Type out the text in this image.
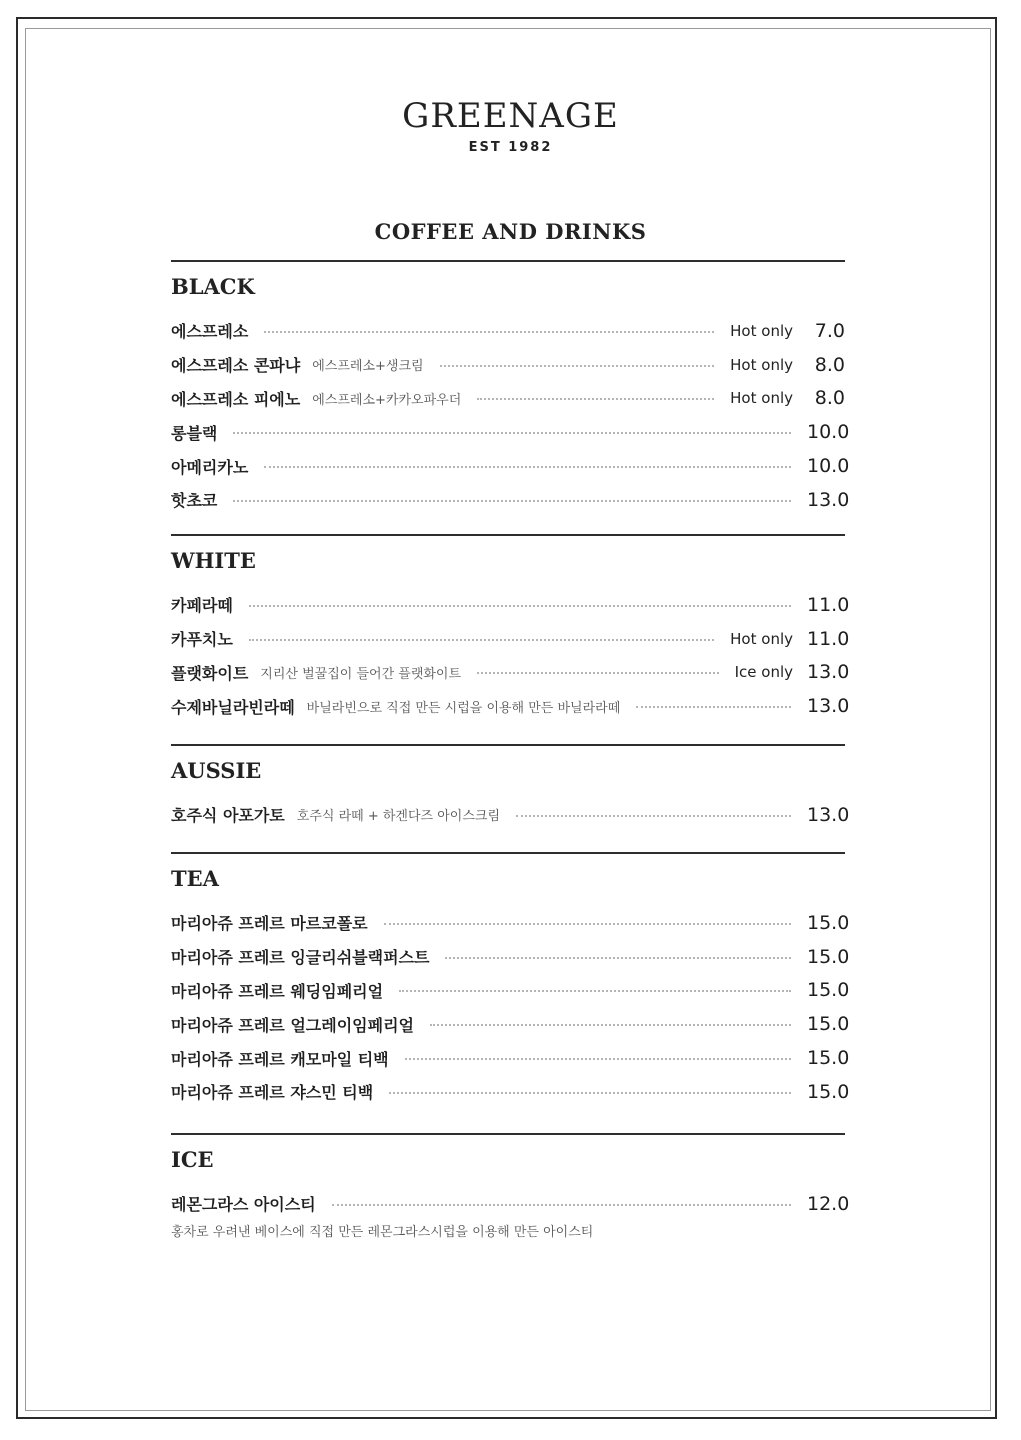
GREENAGE
EST 1982
COFFEE AND DRINKS
BLACK
에스프레소	Hot only	7.0
에스프레소 콘파냐 에스프레소+생크림	Hot only	8.0
에스프레소 피에노 에스프레소+카카오파우더	Hot only	8.0
롱블랙	10.0
아메리카노	10.0
핫초코	13.0
WHITE
카페라떼	11.0
카푸치노	Hot only 11.0
플랫화이트 지리산 벌꿀집이 들어간 플랫화이트	Ice only 13.0
수제바닐라빈라떼 바닐라빈으로 직접 만든 시럽을 이용해 만든 바닐라라떼	13.0
AUSSIE
호주식 아포가토 호주식 라떼 + 하겐다즈 아이스크림	13.0
TEA
마리아쥬 프레르 마르코폴로	15.0
마리아쥬 프레르 잉글리쉬블랙퍼스트	15.0
마리아쥬 프레르 웨딩임페리얼	15.0
마리아쥬 프레르 얼그레이임페리얼	15.0
마리아쥬 프레르 캐모마일 티백	15.0
마리아쥬 프레르 쟈스민 티백	15.0
ICE
레몬그라스 아이스티	12.0
홍차로 우려낸 베이스에 직접 만든 레몬그라스시럽을 이용해 만든 아이스티
